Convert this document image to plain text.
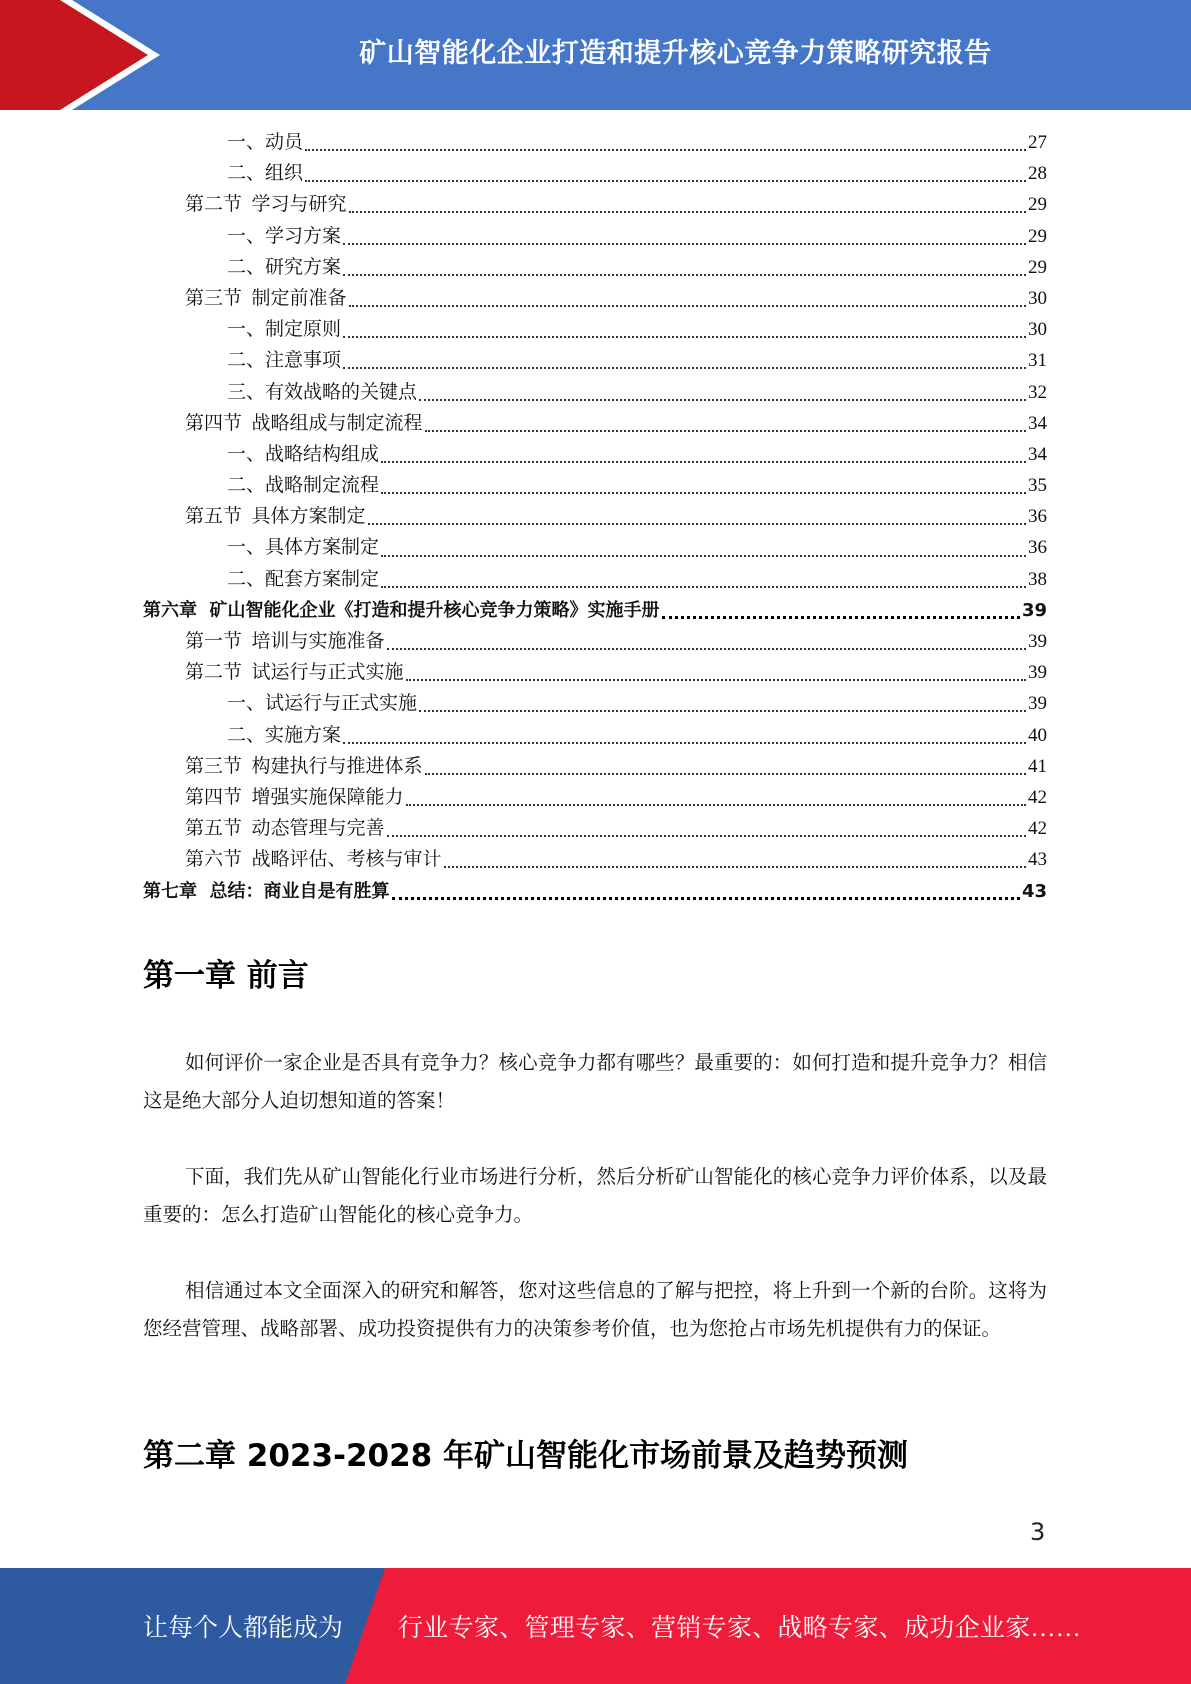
矿山智能化企业打造和提升核心竞争力策略研究报告
一、动员	27
二、组织	28
第二节  学习与研究	29
一、学习方案	29
二、研究方案	29
第三节  制定前准备	30
一、制定原则	30
二、注意事项	31
三、有效战略的关键点	32
第四节  战略组成与制定流程	34
一、战略结构组成	34
二、战略制定流程	35
第五节  具体方案制定	36
一、具体方案制定	36
二、配套方案制定	38
第六章  矿山智能化企业《打造和提升核心竞争力策略》实施手册	39
第一节  培训与实施准备	39
第二节  试运行与正式实施	39
一、试运行与正式实施	39
二、实施方案	40
第三节  构建执行与推进体系	41
第四节  增强实施保障能力	42
第五节  动态管理与完善	42
第六节  战略评估、考核与审计	43
第七章  总结：商业自是有胜算	43
第一章 前言
如何评价一家企业是否具有竞争力？核心竞争力都有哪些？最重要的：如何打造和提升竞争力？相信这是绝大部分人迫切想知道的答案！
下面，我们先从矿山智能化行业市场进行分析，然后分析矿山智能化的核心竞争力评价体系，以及最重要的：怎么打造矿山智能化的核心竞争力。
相信通过本文全面深入的研究和解答，您对这些信息的了解与把控，将上升到一个新的台阶。这将为您经营管理、战略部署、成功投资提供有力的决策参考价值，也为您抢占市场先机提供有力的保证。
第二章 2023-2028 年矿山智能化市场前景及趋势预测
3
让每个人都能成为 行业专家、管理专家、营销专家、战略专家、成功企业家……
